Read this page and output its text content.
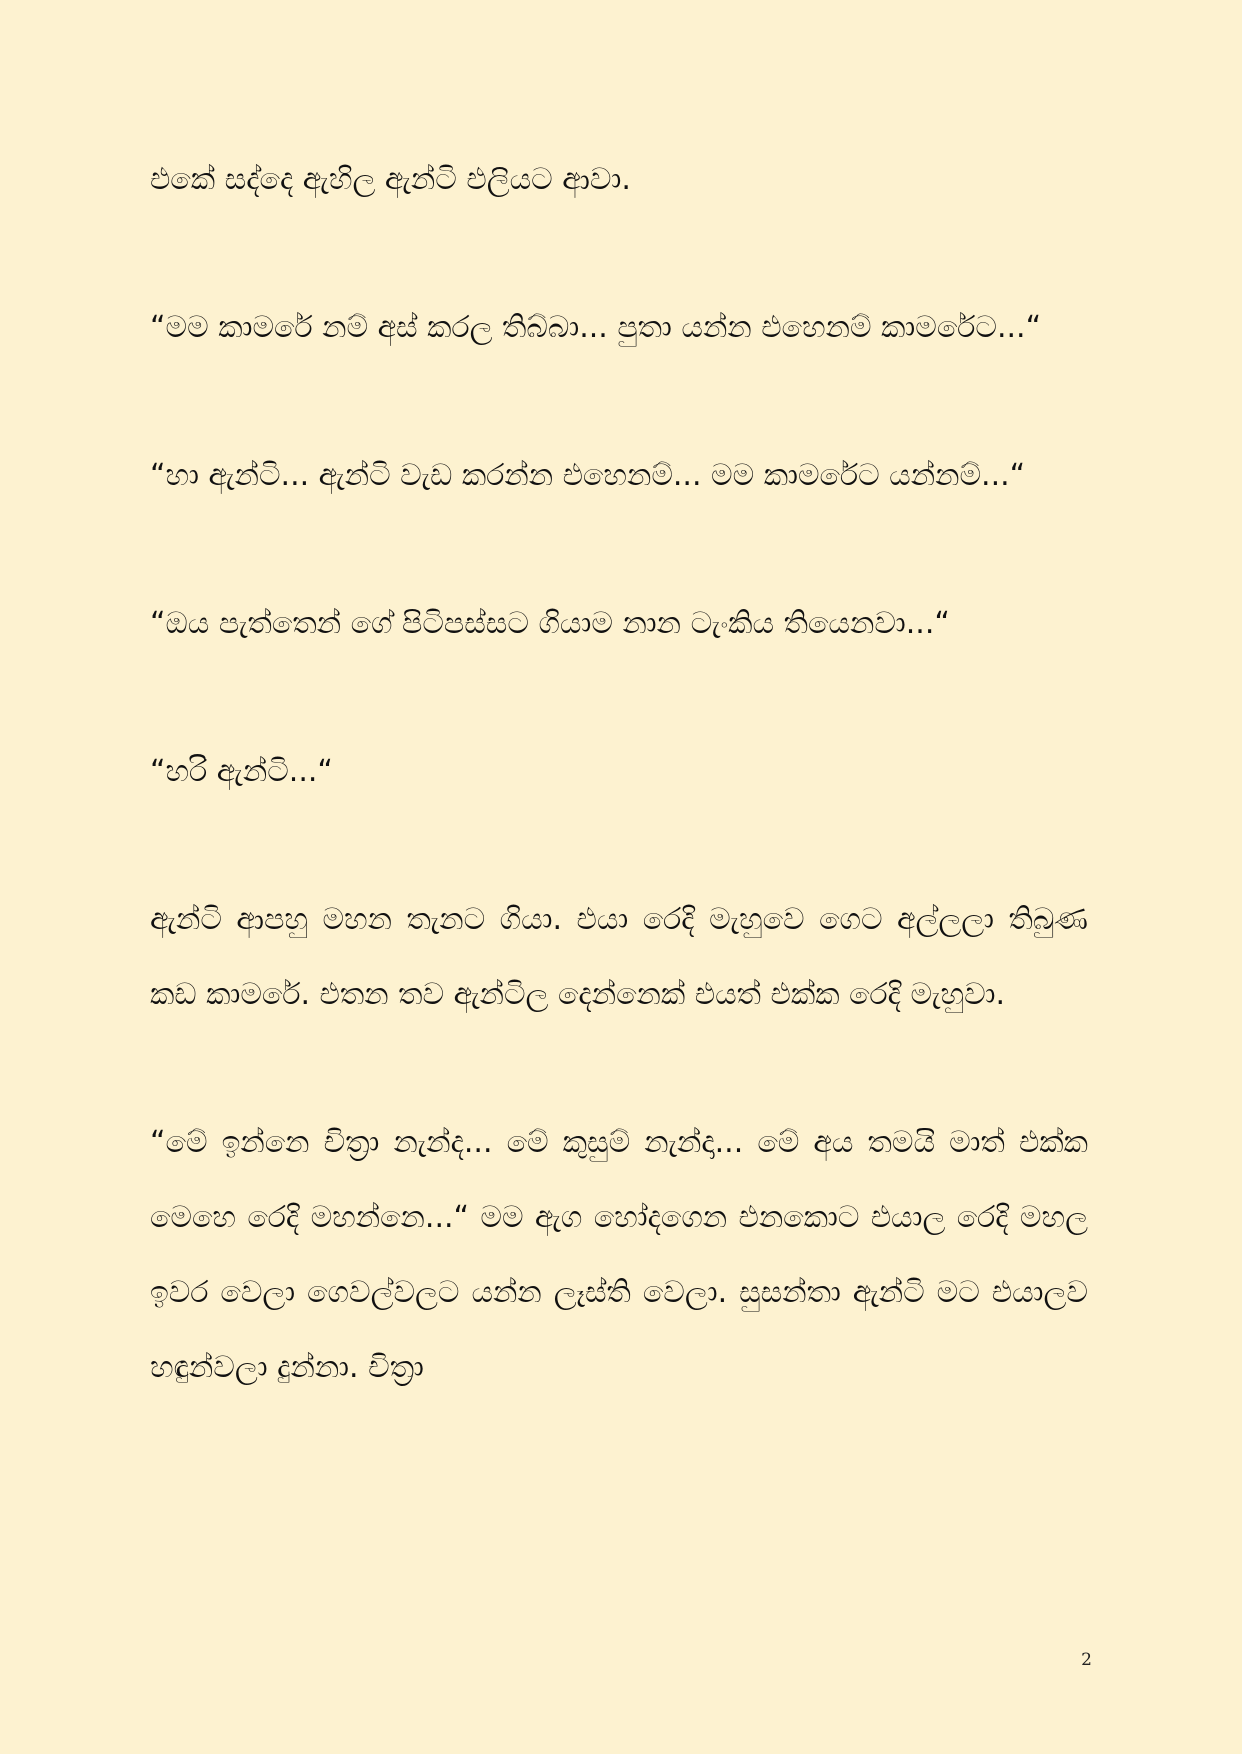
එකේ සද්දෙ ඇහිල ඇන්ටි එලියට ආවා.

“මම කාමරේ නම් අස් කරල තිබ්බා... පුතා යන්න එහෙනම් කාමරේට...“

“හා ඇන්ටි... ඇන්ටි වැඩ කරන්න එහෙනම්... මම කාමරේට යන්නම්...“

“ඔය පැත්තෙන් ගේ පිටිපස්සට ගියාම නාන ටැංකිය තියෙනවා...“

“හරි ඇන්ටි...“

ඇන්ටි ආපහු මහන තැනට ගියා. එයා රෙදි මැහුවෙ ගෙට අල්ලලා තිබුණ කඩ කාමරේ. එතන තව ඇන්ටිල දෙන්නෙක් එයත් එක්ක රෙදි මැහුවා.

“මේ ඉන්නෙ චිත්‍රා නැන්ද... මේ කුසුම් නැන්දා... මේ අය තමයි මාත් එක්ක මෙහෙ රෙදි මහන්නෙ...“ මම ඇග හෝදගෙන එනකොට එයාල රෙදි මහල ඉවර වෙලා ගෙවල්වලට යන්න ලෑස්ති වෙලා. සුසන්තා ඇන්ටි මට එයාලව හඳුන්වලා දුන්නා. චිත්‍රා

2
